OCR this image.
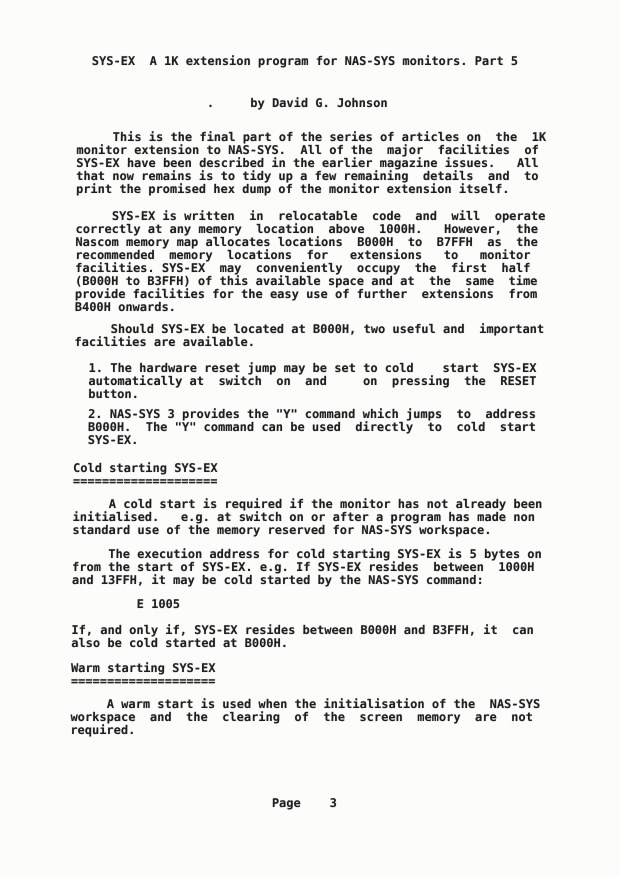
SYS-EX  A 1K extension program for NAS-SYS monitors. Part 5
.     by David G. Johnson
This is the final part of the series of articles on  the  1K
monitor extension to NAS-SYS.  All of the  major  facilities  of
SYS-EX have been described in the earlier magazine issues.   All
that now remains is to tidy up a few remaining  details  and  to
print the promised hex dump of the monitor extension itself.
SYS-EX is written  in  relocatable  code  and  will  operate
correctly at any memory  location  above  1000H.   However,  the
Nascom memory map allocates locations  B000H  to  B7FFH  as  the
recommended  memory  locations  for   extensions   to   monitor
facilities. SYS-EX  may  conveniently  occupy  the  first  half
(B000H to B3FFH) of this available space and at  the  same  time
provide facilities for the easy use of further  extensions  from
B400H onwards.
Should SYS-EX be located at B000H, two useful and  important
facilities are available.
1. The hardware reset jump may be set to cold    start  SYS-EX
automatically at  switch  on  and     on  pressing  the  RESET
button.
2. NAS-SYS 3 provides the "Y" command which jumps  to  address
B000H.  The "Y" command can be used  directly  to  cold  start
SYS-EX.
Cold starting SYS-EX
====================
A cold start is required if the monitor has not already been
initialised.   e.g. at switch on or after a program has made non
standard use of the memory reserved for NAS-SYS workspace.
The execution address for cold starting SYS-EX is 5 bytes on
from the start of SYS-EX. e.g. If SYS-EX resides  between  1000H
and 13FFH, it may be cold started by the NAS-SYS command:
E 1005
If, and only if, SYS-EX resides between B000H and B3FFH, it  can
also be cold started at B000H.
Warm starting SYS-EX
====================
A warm start is used when the initialisation of the  NAS-SYS
workspace  and  the  clearing  of  the  screen  memory  are  not
required.
Page    3
